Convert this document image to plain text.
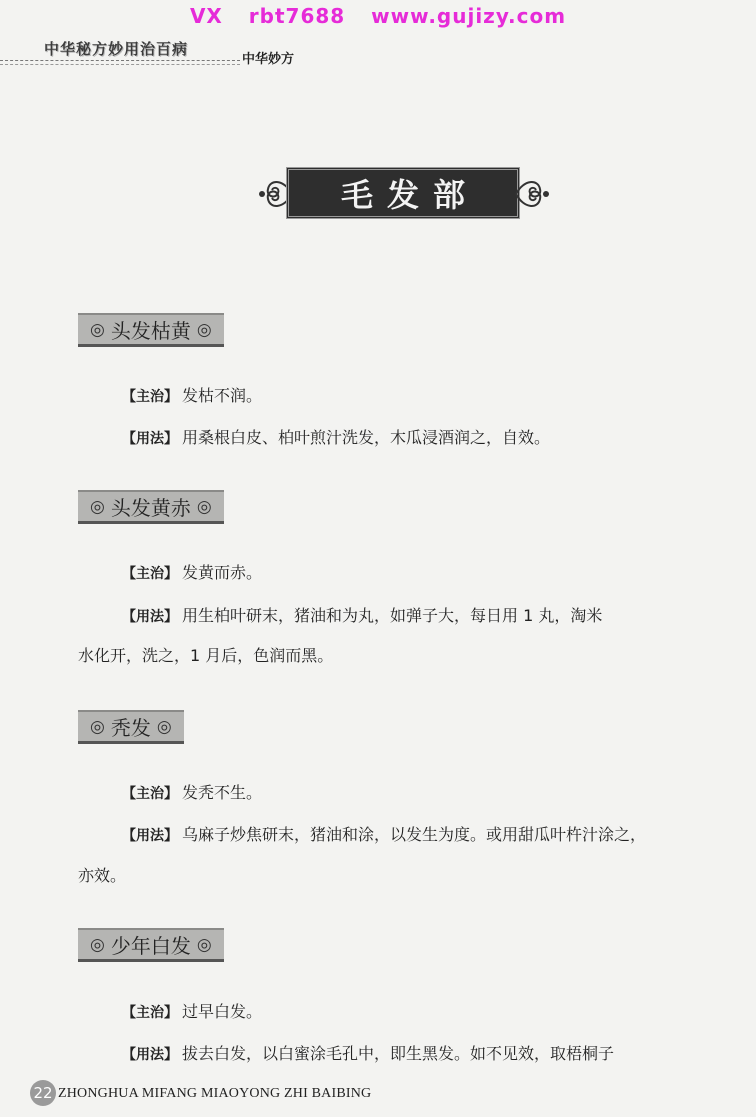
VX rbt7688 www.gujizy.com
中华秘方妙用治百病
中华妙方
毛发部
◎ 头发枯黄 ◎
【主治】 发枯不润。
【用法】 用桑根白皮、柏叶煎汁洗发，木瓜浸酒润之，自效。
◎ 头发黄赤 ◎
【主治】 发黄而赤。
【用法】 用生柏叶研末，猪油和为丸，如弹子大，每日用 1 丸，淘米
水化开，洗之，1 月后，色润而黑。
◎ 秃发 ◎
【主治】 发秃不生。
【用法】 乌麻子炒焦研末，猪油和涂，以发生为度。或用甜瓜叶杵汁涂之，
亦效。
◎ 少年白发 ◎
【主治】 过早白发。
【用法】 拔去白发，以白蜜涂毛孔中，即生黑发。如不见效，取梧桐子
22 ZHONGHUA MIFANG MIAOYONG ZHI BAIBING
